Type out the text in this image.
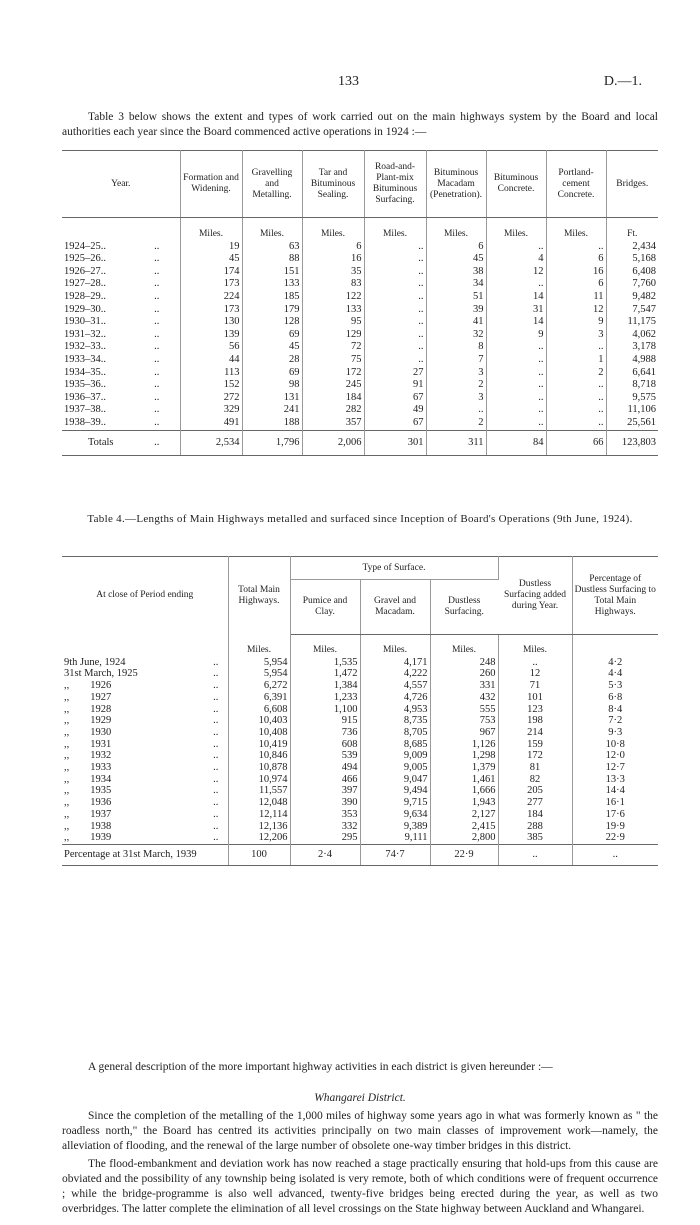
133	D.—1.
Table 3 below shows the extent and types of work carried out on the main highways system by the Board and local authorities each year since the Board commenced active operations in 1924 :—
Year.		Formation and Widening.	Gravelling and Metalling.	Tar and Bituminous Sealing.	Road-and-Plant-mix Bituminous Surfacing.	Bituminous Macadam (Penetration).	Bituminous Concrete.	Portland-cement Concrete.	Bridges.
		Miles.	Miles.	Miles.	Miles.	Miles.	Miles.	Miles.	Ft.
1924–25..	..	19	63	6	..	6	..	..	2,434
1925–26..	..	45	88	16	..	45	4	6	5,168
1926–27..	..	174	151	35	..	38	12	16	6,408
1927–28..	..	173	133	83	..	34	..	6	7,760
1928–29..	..	224	185	122	..	51	14	11	9,482
1929–30..	..	173	179	133	..	39	31	12	7,547
1930–31..	..	130	128	95	..	41	14	9	11,175
1931–32..	..	139	69	129	..	32	9	3	4,062
1932–33..	..	56	45	72	..	8	..	..	3,178
1933–34..	..	44	28	75	..	7	..	1	4,988
1934–35..	..	113	69	172	27	3	..	2	6,641
1935–36..	..	152	98	245	91	2	..	..	8,718
1936–37..	..	272	131	184	67	3	..	..	9,575
1937–38..	..	329	241	282	49	..	..	..	11,106
1938–39..	..	491	188	357	67	2	..	..	25,561
Totals	..	2,534	1,796	2,006	301	311	84	66	123,803
Table 4.—Lengths of Main Highways metalled and surfaced since Inception of Board's Operations (9th June, 1924).
At close of Period ending		Total Main Highways.	Type of Surface.			Dustless Surfacing added during Year.	Percentage of Dustless Surfacing to Total Main Highways.
			Pumice and Clay.	Gravel and Macadam.	Dustless Surfacing.		
		Miles.	Miles.	Miles.	Miles.	Miles.	
9th June, 1924	..	5,954	1,535	4,171	248	..	4·2
31st March, 1925	..	5,954	1,472	4,222	260	12	4·4
,,        1926	..	6,272	1,384	4,557	331	71	5·3
,,        1927	..	6,391	1,233	4,726	432	101	6·8
,,        1928	..	6,608	1,100	4,953	555	123	8·4
,,        1929	..	10,403	915	8,735	753	198	7·2
,,        1930	..	10,408	736	8,705	967	214	9·3
,,        1931	..	10,419	608	8,685	1,126	159	10·8
,,        1932	..	10,846	539	9,009	1,298	172	12·0
,,        1933	..	10,878	494	9,005	1,379	81	12·7
,,        1934	..	10,974	466	9,047	1,461	82	13·3
,,        1935	..	11,557	397	9,494	1,666	205	14·4
,,        1936	..	12,048	390	9,715	1,943	277	16·1
,,        1937	..	12,114	353	9,634	2,127	184	17·6
,,        1938	..	12,136	332	9,389	2,415	288	19·9
,,        1939	..	12,206	295	9,111	2,800	385	22·9
Percentage at 31st March, 1939		100	2·4	74·7	22·9	..	..
A general description of the more important highway activities in each district is given hereunder :—
Whangarei District.
Since the completion of the metalling of the 1,000 miles of highway some years ago in what was formerly known as " the roadless north," the Board has centred its activities principally on two main classes of improvement work—namely, the alleviation of flooding, and the renewal of the large number of obsolete one-way timber bridges in this district.
The flood-embankment and deviation work has now reached a stage practically ensuring that hold-ups from this cause are obviated and the possibility of any township being isolated is very remote, both of which conditions were of frequent occurrence ; while the bridge-programme is also well advanced, twenty-five bridges being erected during the year, as well as two overbridges. The latter complete the elimination of all level crossings on the State highway between Auckland and Whangarei.
